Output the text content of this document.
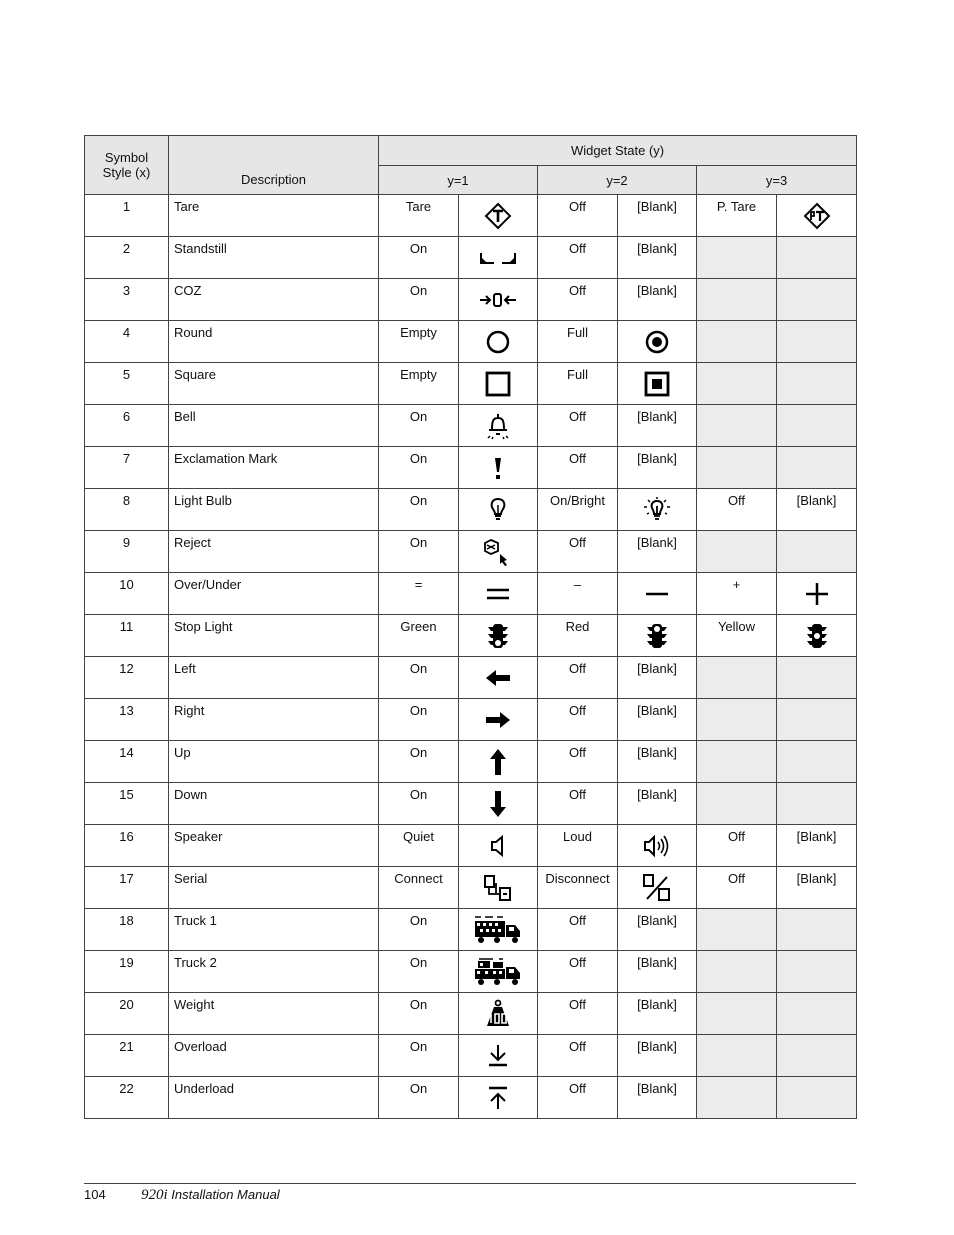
Symbol
Style (x)	Description	Widget State (y)					
		y=1		y=2		y=3	
1	Tare	Tare		Off	[Blank]	P. Tare	

2	Standstill	On		Off	[Blank]		
3	COZ	On		Off	[Blank]		
4	Round	Empty		Full	

5	Square	Empty		Full	

6	Bell	On		Off	[Blank]		
7	Exclamation Mark	On		Off	[Blank]		
8	Light Bulb	On		On/Bright		Off	[Blank]
9	Reject	On		Off	[Blank]		
10	Over/Under	=		–		+	

11	Stop Light	Green		Red		Yellow	

12	Left	On		Off	[Blank]		
13	Right	On		Off	[Blank]		
14	Up	On		Off	[Blank]		
15	Down	On		Off	[Blank]		
16	Speaker	Quiet		Loud		Off	[Blank]
17	Serial	Connect		Disconnect		Off	[Blank]
18	Truck 1	On		Off	[Blank]		
19	Truck 2	On		Off	[Blank]		
20	Weight	On		Off	[Blank]		
21	Overload	On		Off	[Blank]		
22	Underload	On		Off	[Blank]		
104 920i Installation Manual
